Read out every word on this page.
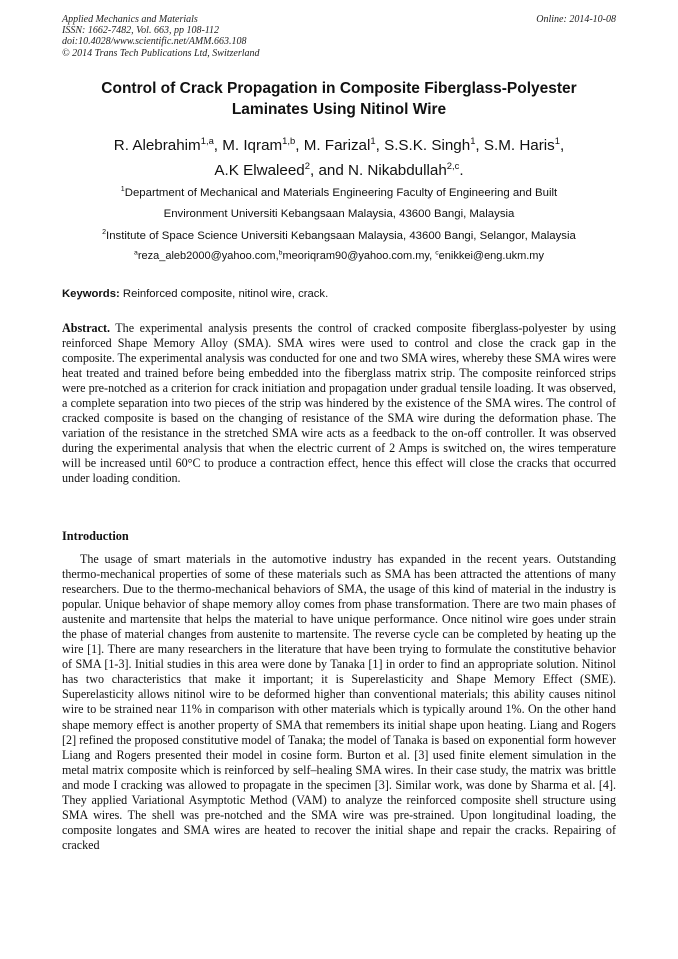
Applied Mechanics and Materials
ISSN: 1662-7482, Vol. 663, pp 108-112
doi:10.4028/www.scientific.net/AMM.663.108
© 2014 Trans Tech Publications Ltd, Switzerland
Online: 2014-10-08
Control of Crack Propagation in Composite Fiberglass-Polyester
Laminates Using Nitinol Wire
R. Alebrahim$^{1,a}$, M. Iqram$^{1,b}$, M. Farizal$^1$, S.S.K. Singh$^1$, S.M. Haris$^1$,
A.K Elwaleed$^2$, and N. Nikabdullah$^{2,c}$.
$^1$Department of Mechanical and Materials Engineering Faculty of Engineering and Built
Environment Universiti Kebangsaan Malaysia, 43600 Bangi, Malaysia
$^2$Institute of Space Science Universiti Kebangsaan Malaysia, 43600 Bangi, Selangor, Malaysia
$^a$reza_aleb2000@yahoo.com,$^b$meoriqram90@yahoo.com.my, $^c$enikkei@eng.ukm.my
Keywords: Reinforced composite, nitinol wire, crack.
Abstract. The experimental analysis presents the control of cracked composite fiberglass-polyester by using reinforced Shape Memory Alloy (SMA). SMA wires were used to control and close the crack gap in the composite. The experimental analysis was conducted for one and two SMA wires, whereby these SMA wires were heat treated and trained before being embedded into the fiberglass matrix strip. The composite reinforced strips were pre-notched as a criterion for crack initiation and propagation under gradual tensile loading. It was observed, a complete separation into two pieces of the strip was hindered by the existence of the SMA wires. The control of cracked composite is based on the changing of resistance of the SMA wire during the deformation phase. The variation of the resistance in the stretched SMA wire acts as a feedback to the on-off controller. It was observed during the experimental analysis that when the electric current of 2 Amps is switched on, the wires temperature will be increased until 60°C to produce a contraction effect, hence this effect will close the cracks that occurred under loading condition.
Introduction
The usage of smart materials in the automotive industry has expanded in the recent years. Outstanding thermo-mechanical properties of some of these materials such as SMA has been attracted the attentions of many researchers. Due to the thermo-mechanical behaviors of SMA, the usage of this kind of material in the industry is popular. Unique behavior of shape memory alloy comes from phase transformation. There are two main phases of austenite and martensite that helps the material to have unique performance. Once nitinol wire goes under strain the phase of material changes from austenite to martensite. The reverse cycle can be completed by heating up the wire [1]. There are many researchers in the literature that have been trying to formulate the constitutive behavior of SMA [1-3]. Initial studies in this area were done by Tanaka [1] in order to find an appropriate solution. Nitinol has two characteristics that make it important; it is Superelasticity and Shape Memory Effect (SME). Superelasticity allows nitinol wire to be deformed higher than conventional materials; this ability causes nitinol wire to be strained near 11% in comparison with other materials which is typically around 1%. On the other hand shape memory effect is another property of SMA that remembers its initial shape upon heating. Liang and Rogers [2] refined the proposed constitutive model of Tanaka; the model of Tanaka is based on exponential form however Liang and Rogers presented their model in cosine form. Burton et al. [3] used finite element simulation in the metal matrix composite which is reinforced by self–healing SMA wires. In their case study, the matrix was brittle and mode I cracking was allowed to propagate in the specimen [3]. Similar work, was done by Sharma et al. [4]. They applied Variational Asymptotic Method (VAM) to analyze the reinforced composite shell structure using SMA wires. The shell was pre-notched and the SMA wire was pre-strained. Upon longitudinal loading, the composite longates and SMA wires are heated to recover the initial shape and repair the cracks. Repairing of cracked
